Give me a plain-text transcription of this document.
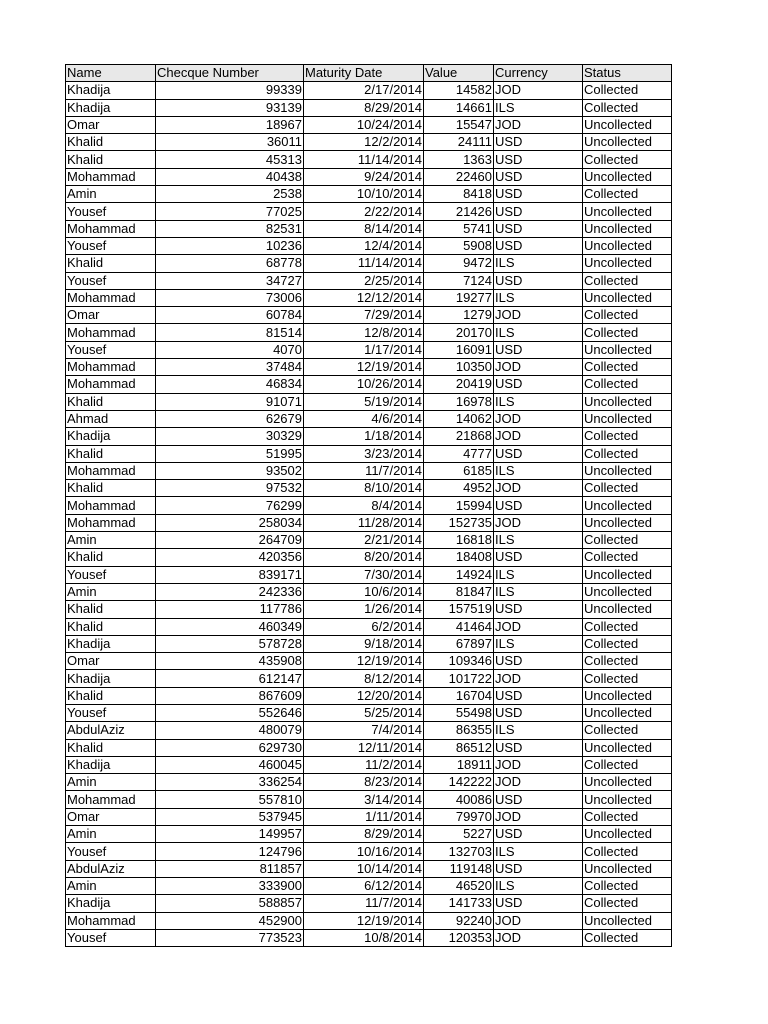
Name	Checque Number	Maturity Date	Value	Currency	Status
Khadija	99339	2/17/2014	14582	JOD	Collected
Khadija	93139	8/29/2014	14661	ILS	Collected
Omar	18967	10/24/2014	15547	JOD	Uncollected
Khalid	36011	12/2/2014	24111	USD	Uncollected
Khalid	45313	11/14/2014	1363	USD	Collected
Mohammad	40438	9/24/2014	22460	USD	Uncollected
Amin	2538	10/10/2014	8418	USD	Collected
Yousef	77025	2/22/2014	21426	USD	Uncollected
Mohammad	82531	8/14/2014	5741	USD	Uncollected
Yousef	10236	12/4/2014	5908	USD	Uncollected
Khalid	68778	11/14/2014	9472	ILS	Uncollected
Yousef	34727	2/25/2014	7124	USD	Collected
Mohammad	73006	12/12/2014	19277	ILS	Uncollected
Omar	60784	7/29/2014	1279	JOD	Collected
Mohammad	81514	12/8/2014	20170	ILS	Collected
Yousef	4070	1/17/2014	16091	USD	Uncollected
Mohammad	37484	12/19/2014	10350	JOD	Collected
Mohammad	46834	10/26/2014	20419	USD	Collected
Khalid	91071	5/19/2014	16978	ILS	Uncollected
Ahmad	62679	4/6/2014	14062	JOD	Uncollected
Khadija	30329	1/18/2014	21868	JOD	Collected
Khalid	51995	3/23/2014	4777	USD	Collected
Mohammad	93502	11/7/2014	6185	ILS	Uncollected
Khalid	97532	8/10/2014	4952	JOD	Collected
Mohammad	76299	8/4/2014	15994	USD	Uncollected
Mohammad	258034	11/28/2014	152735	JOD	Uncollected
Amin	264709	2/21/2014	16818	ILS	Collected
Khalid	420356	8/20/2014	18408	USD	Collected
Yousef	839171	7/30/2014	14924	ILS	Uncollected
Amin	242336	10/6/2014	81847	ILS	Uncollected
Khalid	117786	1/26/2014	157519	USD	Uncollected
Khalid	460349	6/2/2014	41464	JOD	Collected
Khadija	578728	9/18/2014	67897	ILS	Collected
Omar	435908	12/19/2014	109346	USD	Collected
Khadija	612147	8/12/2014	101722	JOD	Collected
Khalid	867609	12/20/2014	16704	USD	Uncollected
Yousef	552646	5/25/2014	55498	USD	Uncollected
AbdulAziz	480079	7/4/2014	86355	ILS	Collected
Khalid	629730	12/11/2014	86512	USD	Uncollected
Khadija	460045	11/2/2014	18911	JOD	Collected
Amin	336254	8/23/2014	142222	JOD	Uncollected
Mohammad	557810	3/14/2014	40086	USD	Uncollected
Omar	537945	1/11/2014	79970	JOD	Collected
Amin	149957	8/29/2014	5227	USD	Uncollected
Yousef	124796	10/16/2014	132703	ILS	Collected
AbdulAziz	811857	10/14/2014	119148	USD	Uncollected
Amin	333900	6/12/2014	46520	ILS	Collected
Khadija	588857	11/7/2014	141733	USD	Collected
Mohammad	452900	12/19/2014	92240	JOD	Uncollected
Yousef	773523	10/8/2014	120353	JOD	Collected
